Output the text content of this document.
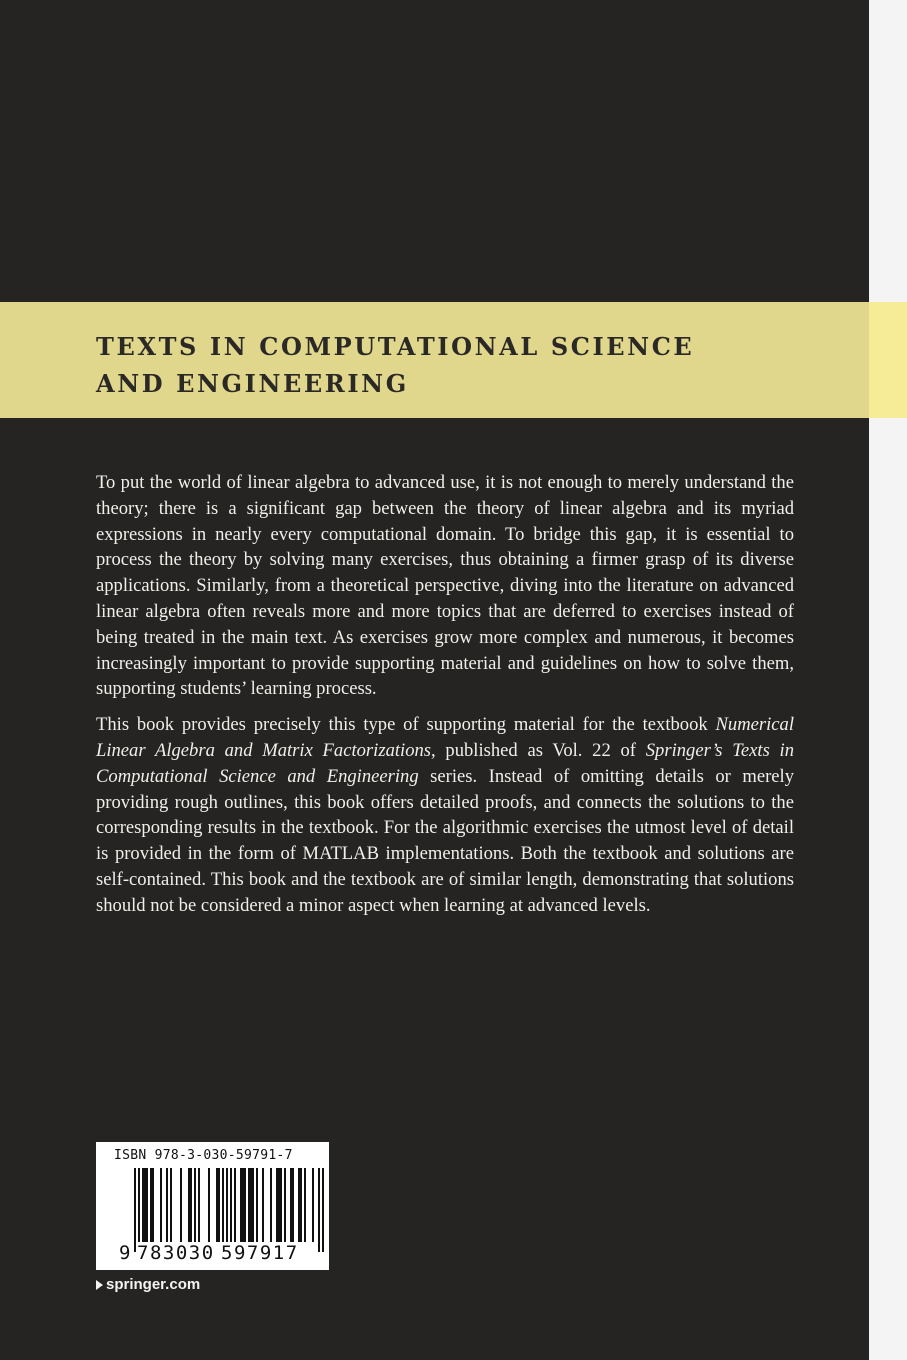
TEXTS IN COMPUTATIONAL SCIENCE
AND ENGINEERING

To put the world of linear algebra to advanced use, it is not enough to merely understand the theory; there is a significant gap between the theory of linear algebra and its myriad expressions in nearly every computational domain. To bridge this gap, it is essential to process the theory by solving many exercises, thus obtaining a firmer grasp of its diverse applications. Similarly, from a theoretical perspective, diving into the literature on advanced linear algebra often reveals more and more topics that are deferred to exercises instead of being treated in the main text. As exercises grow more complex and numerous, it becomes increasingly important to provide supporting material and guidelines on how to solve them, supporting students’ learning process.

This book provides precisely this type of supporting material for the textbook Numerical Linear Algebra and Matrix Factorizations, published as Vol. 22 of Springer’s Texts in Computational Science and Engineering series. Instead of omitting details or merely providing rough outlines, this book offers detailed proofs, and connects the solutions to the corresponding results in the textbook. For the algorithmic exercises the utmost level of detail is provided in the form of MATLAB implementations. Both the textbook and solutions are self-contained. This book and the textbook are of similar length, demonstrating that solutions should not be considered a minor aspect when learning at advanced levels.

ISBN 978-3-030-59791-7

9 783030 597917
springer.com
